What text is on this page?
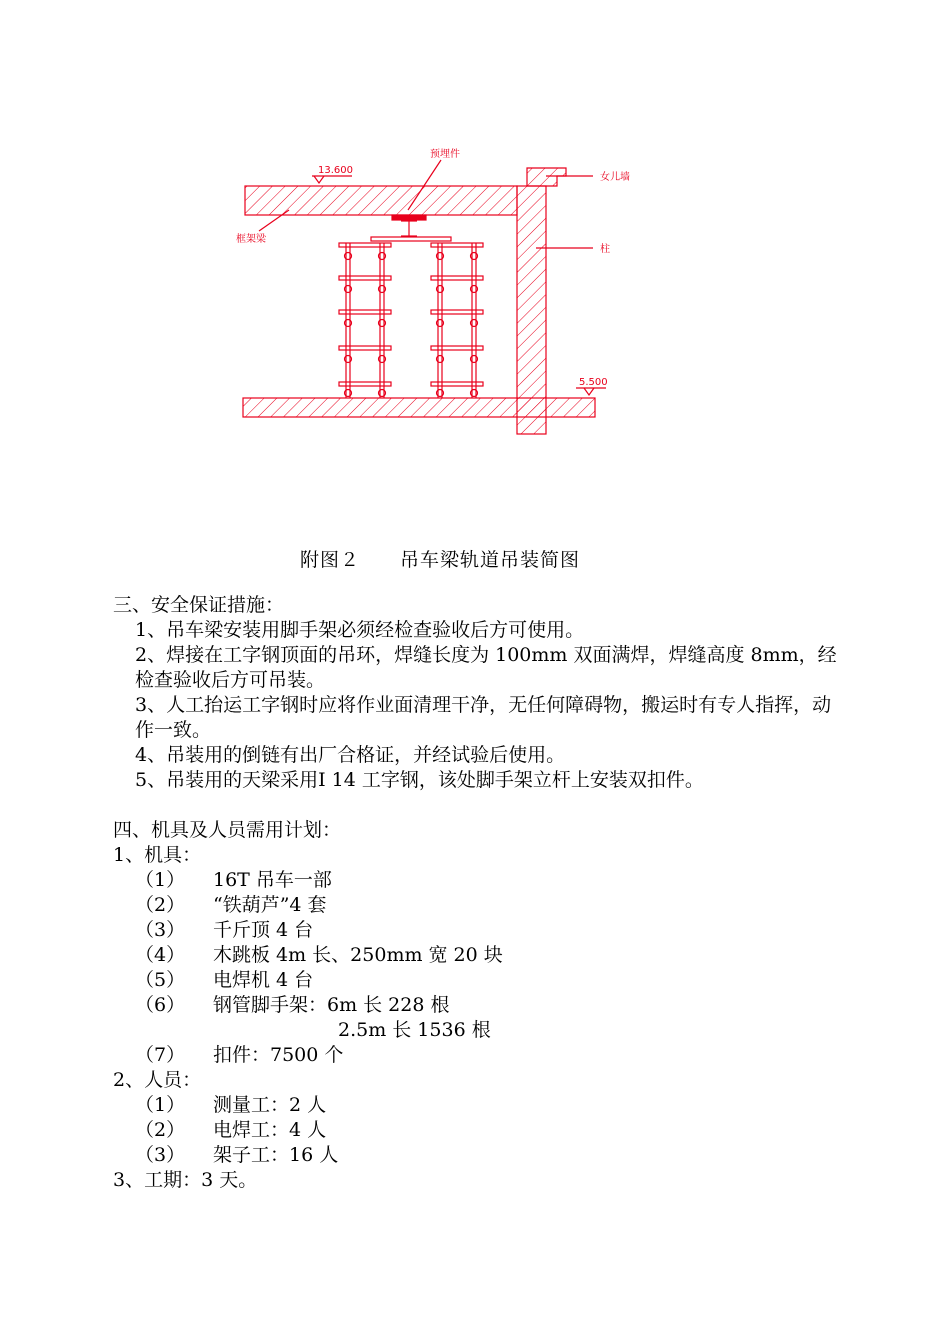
13.600
预埋件
女儿墙
框架梁
柱
5.500
附图２ 吊车梁轨道吊装简图
三、安全保证措施：
1、吊车梁安装用脚手架必须经检查验收后方可使用。
2、焊接在工字钢顶面的吊环，焊缝长度为 100mm 双面满焊，焊缝高度 8mm，经检查验收后方可吊装。
3、人工抬运工字钢时应将作业面清理干净，无任何障碍物，搬运时有专人指挥，动作一致。
4、吊装用的倒链有出厂合格证，并经试验后使用。
5、吊装用的天梁采用Ⅰ 14 工字钢，该处脚手架立杆上安装双扣件。
四、机具及人员需用计划：
1、机具：
（1） 16T 吊车一部
（2） “铁葫芦”4 套
（3） 千斤顶 4 台
（4） 木跳板 4m 长、250mm 宽 20 块
（5） 电焊机 4 台
（6） 钢管脚手架：6m 长 228 根
2.5m 长 1536 根
（7） 扣件：7500 个
2、人员：
（1） 测量工：2 人
（2） 电焊工：4 人
（3） 架子工：16 人
3、工期：3 天。
